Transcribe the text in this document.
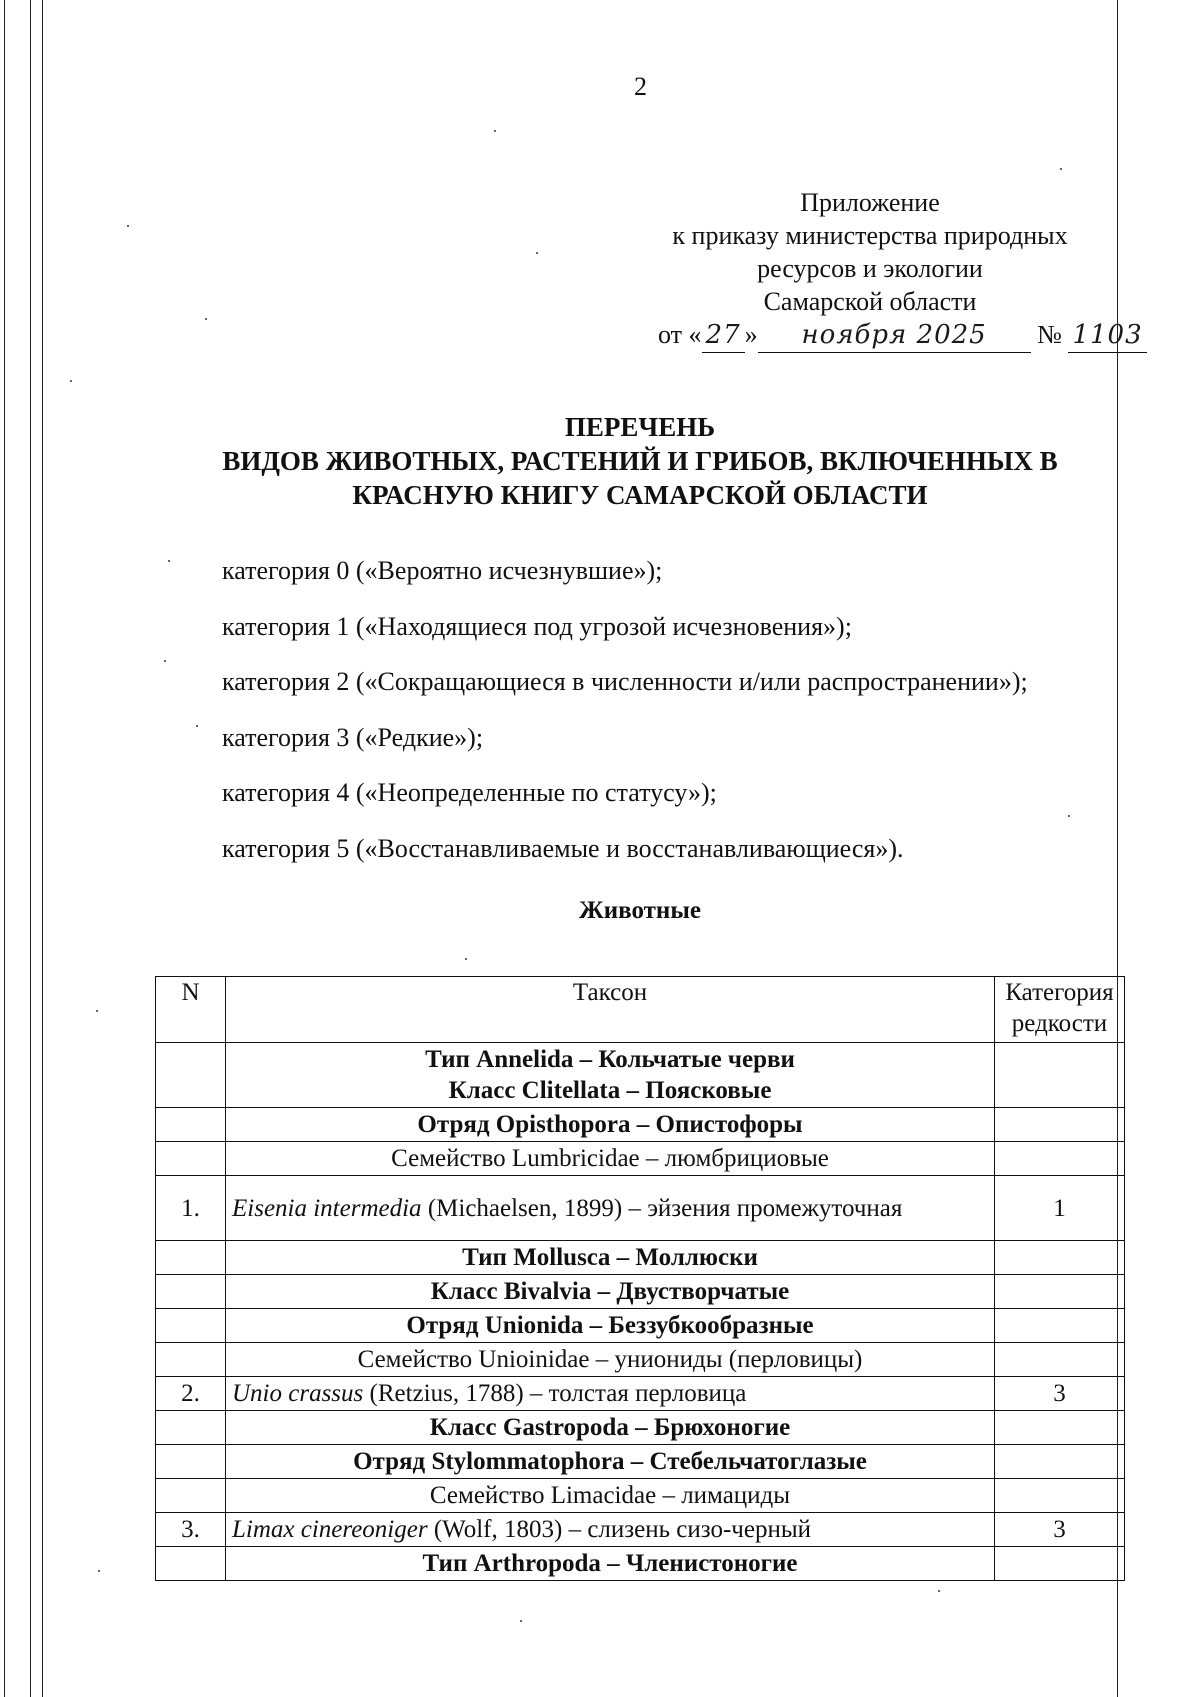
2
Приложение
к приказу министерства природных
ресурсов и экологии
Самарской области
от « 27 » ноября 2025 № 1103
ПЕРЕЧЕНЬ
ВИДОВ ЖИВОТНЫХ, РАСТЕНИЙ И ГРИБОВ, ВКЛЮЧЕННЫХ В
КРАСНУЮ КНИГУ САМАРСКОЙ ОБЛАСТИ
категория 0 («Вероятно исчезнувшие»);
категория 1 («Находящиеся под угрозой исчезновения»);
категория 2 («Сокращающиеся в численности и/или распространении»);
категория 3 («Редкие»);
категория 4 («Неопределенные по статусу»);
категория 5 («Восстанавливаемые и восстанавливающиеся»).
Животные
N	Таксон	Категория
редкости

	Тип Annelida – Кольчатые черви
Класс Clitellata – Поясковые	

	Отряд Opisthopora – Опистофоры	
	Семейство Lumbricidae – люмбрициовые	
1.	Eisenia intermedia (Michaelsen, 1899) – эйзения промежуточная	1
	Тип Mollusca – Моллюски	
	Класс Bivalvia – Двустворчатые	
	Отряд Unionida – Беззубкообразные	
	Семейство Unioinidae – униониды (перловицы)	
2.	Unio crassus (Retzius, 1788) – толстая перловица	3
	Класс Gastropoda – Брюхоногие	
	Отряд Stylommatophora – Стебельчатоглазые	
	Семейство Limacidae – лимациды	
3.	Limax cinereoniger (Wolf, 1803) – слизень сизо-черный	3
	Тип Arthropoda – Членистоногие	
